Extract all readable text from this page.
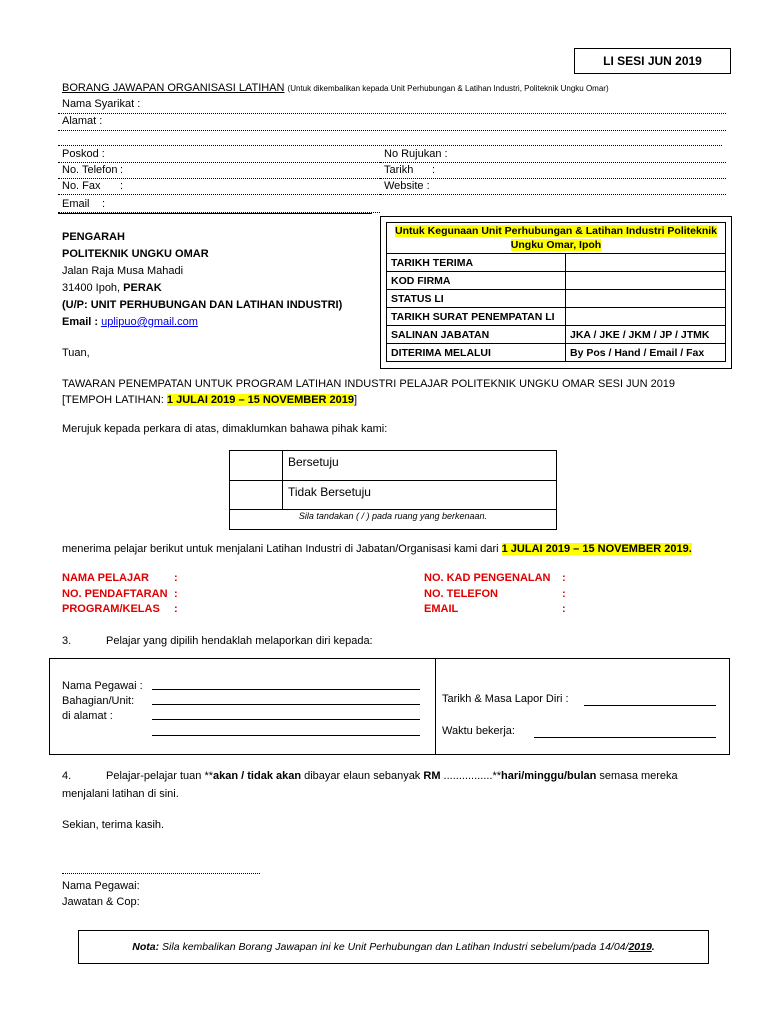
LI SESI JUN 2019
BORANG JAWAPAN ORGANISASI LATIHAN (Untuk dikembalikan kepada Unit Perhubungan & Latihan Industri, Politeknik Ungku Omar)
Nama Syarikat :
Alamat :
Poskod :	No Rujukan :
No. Telefon :	Tarikh :
No. Fax :	Website :
Email :
PENGARAH
POLITEKNIK UNGKU OMAR
Jalan Raja Musa Mahadi
31400 Ipoh, PERAK
(U/P: UNIT PERHUBUNGAN DAN LATIHAN INDUSTRI)
Email : uplipuo@gmail.com
Untuk Kegunaan Unit Perhubungan & Latihan Industri Politeknik Ungku Omar, Ipoh	
TARIKH TERIMA	
KOD FIRMA	
STATUS LI	
TARIKH SURAT PENEMPATAN LI	
SALINAN JABATAN	JKA / JKE / JKM / JP / JTMK
DITERIMA MELALUI	By Pos / Hand / Email / Fax
Tuan,
TAWARAN PENEMPATAN UNTUK PROGRAM LATIHAN INDUSTRI PELAJAR POLITEKNIK UNGKU OMAR SESI JUN 2019
[TEMPOH LATIHAN: 1 JULAI 2019 – 15 NOVEMBER 2019]
Merujuk kepada perkara di atas, dimaklumkan bahawa pihak kami:
Bersetuju
Tidak Bersetuju
Sila tandakan ( / ) pada ruang yang berkenaan.
menerima pelajar berikut untuk menjalani Latihan Industri di Jabatan/Organisasi kami dari 1 JULAI 2019 – 15 NOVEMBER 2019.
NAMA PELAJAR	:	NO. KAD PENGENALAN	:
NO. PENDAFTARAN :	NO. TELEFON	:
PROGRAM/KELAS	:	EMAIL	:
3.	Pelajar yang dipilih hendaklah melaporkan diri kepada:
Nama Pegawai :
Bahagian/Unit:
di alamat :
Tarikh & Masa Lapor Diri :
Waktu bekerja:
4.	Pelajar-pelajar tuan **akan / tidak akan dibayar elaun sebanyak RM ................**hari/minggu/bulan semasa mereka
menjalani latihan di sini.
Sekian, terima kasih.
Nama Pegawai:
Jawatan & Cop:
Nota: Sila kembalikan Borang Jawapan ini ke Unit Perhubungan dan Latihan Industri sebelum/pada 14/04/2019.
